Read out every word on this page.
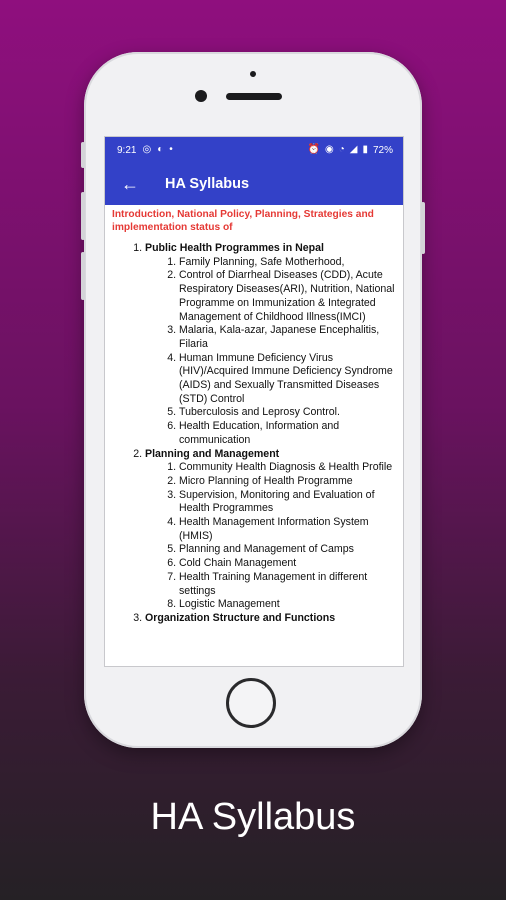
9:21 ◎ ◐ •	⏰ ◉ ◔ ◢ ▮ 72%
←	HA Syllabus
Introduction, National Policy, Planning, Strategies and implementation status of
1. Public Health Programmes in Nepal
1. Family Planning, Safe Motherhood,
2. Control of Diarrheal Diseases (CDD), Acute Respiratory Diseases(ARI), Nutrition, National Programme on Immunization & Integrated Management of Childhood Illness(IMCI)
3. Malaria, Kala-azar, Japanese Encephalitis, Filaria
4. Human Immune Deficiency Virus (HIV)/Acquired Immune Deficiency Syndrome (AIDS) and Sexually Transmitted Diseases (STD) Control
5. Tuberculosis and Leprosy Control.
6. Health Education, Information and communication
2. Planning and Management
1. Community Health Diagnosis & Health Profile
2. Micro Planning of Health Programme
3. Supervision, Monitoring and Evaluation of Health Programmes
4. Health Management Information System (HMIS)
5. Planning and Management of Camps
6. Cold Chain Management
7. Health Training Management in different settings
8. Logistic Management
3. Organization Structure and Functions
HA Syllabus
